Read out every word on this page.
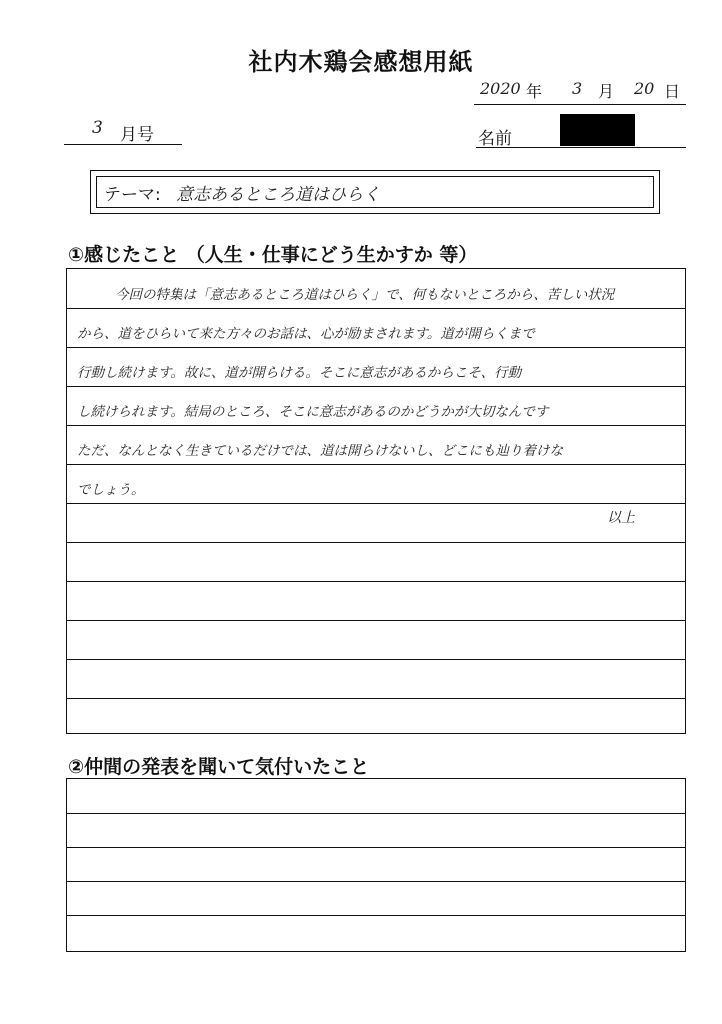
社内木鶏会感想用紙
2020 年 3 月 20 日
3 月号	名前
テーマ: 意志あるところ道はひらく
①感じたこと （人生・仕事にどう生かすか 等）
今回の特集は「意志あるところ道はひらく」で、何もないところから、苦しい状況
から、道をひらいて来た方々のお話は、心が励まされます。道が開らくまで
行動し続けます。故に、道が開らける。そこに意志があるからこそ、行動
し続けられます。結局のところ、そこに意志があるのかどうかが大切なんです
ただ、なんとなく生きているだけでは、道は開らけないし、どこにも辿り着けな
でしょう。
以上
②仲間の発表を聞いて気付いたこと
